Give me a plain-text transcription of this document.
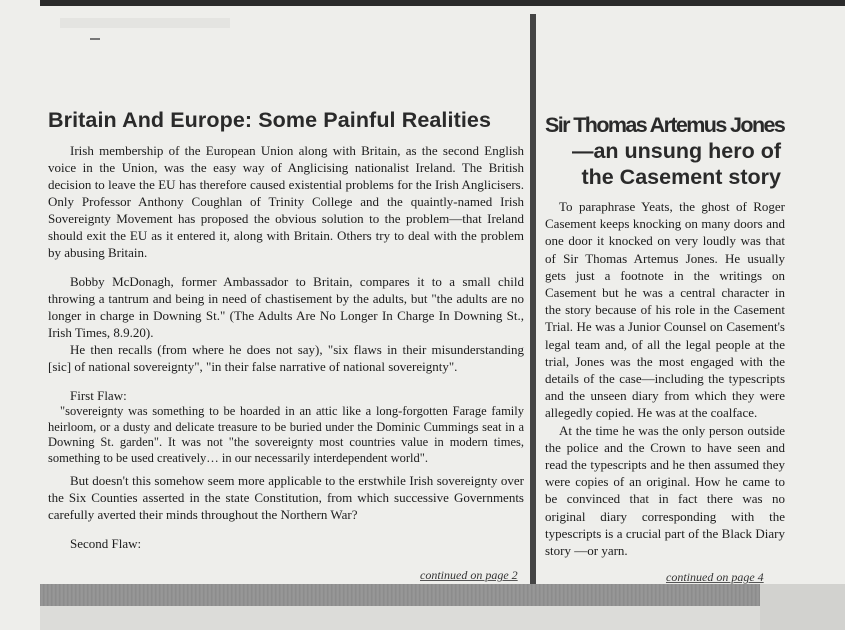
Britain And Europe: Some Painful Realities

Irish membership of the European Union along with Britain, as the second English voice in the Union, was the easy way of Anglicising nationalist Ireland. The British decision to leave the EU has therefore caused existential problems for the Irish Anglicisers. Only Professor Anthony Coughlan of Trinity College and the quaintly-named Irish Sovereignty Movement has proposed the obvious solution to the problem—that Ireland should exit the EU as it entered it, along with Britain. Others try to deal with the problem by abusing Britain.

Bobby McDonagh, former Ambassador to Britain, compares it to a small child throwing a tantrum and being in need of chastisement by the adults, but "the adults are no longer in charge in Downing St." (The Adults Are No Longer In Charge In Downing St., Irish Times, 8.9.20).

He then recalls (from where he does not say), "six flaws in their misunderstanding [sic] of national sovereignty", "in their false narrative of national sovereignty".

First Flaw:

"sovereignty was something to be hoarded in an attic like a long-forgotten Farage family heirloom, or a dusty and delicate treasure to be buried under the Dominic Cummings seat in a Downing St. garden". It was not "the sovereignty most countries value in modern times, something to be used creatively… in our necessarily interdependent world".

But doesn't this somehow seem more applicable to the erstwhile Irish sovereignty over the Six Counties asserted in the state Constitution, from which successive Governments carefully averted their minds throughout the Northern War?

Second Flaw:

continued on page 2
Sir Thomas Artemus Jones
—an unsung hero of
the Casement story

To paraphrase Yeats, the ghost of Roger Casement keeps knocking on many doors and one door it knocked on very loudly was that of Sir Thomas Artemus Jones. He usually gets just a footnote in the writings on Casement but he was a central character in the story because of his role in the Casement Trial. He was a Junior Counsel on Casement's legal team and, of all the legal people at the trial, Jones was the most engaged with the details of the case—including the typescripts and the unseen diary from which they were allegedly copied. He was at the coalface.

At the time he was the only person outside the police and the Crown to have seen and read the typescripts and he then assumed they were copies of an original. How he came to be convinced that in fact there was no original diary corresponding with the typescripts is a crucial part of the Black Diary story —or yarn.

continued on page 4
